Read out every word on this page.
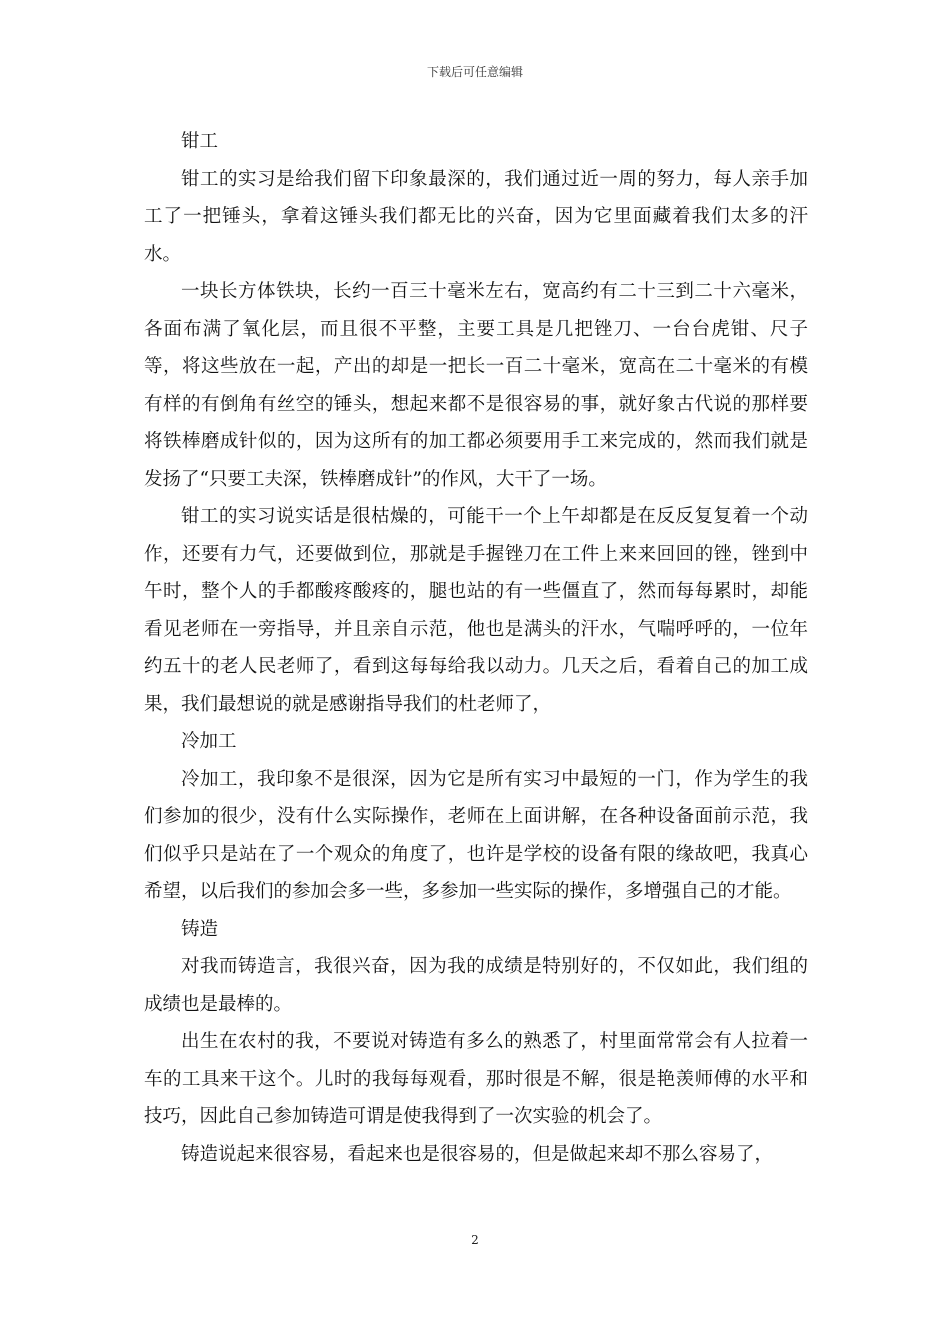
下载后可任意编辑

钳工

钳工的实习是给我们留下印象最深的，我们通过近一周的努力，每人亲手加工了一把锤头，拿着这锤头我们都无比的兴奋，因为它里面藏着我们太多的汗水。

一块长方体铁块，长约一百三十毫米左右，宽高约有二十三到二十六毫米，各面布满了氧化层，而且很不平整，主要工具是几把锉刀、一台台虎钳、尺子等，将这些放在一起，产出的却是一把长一百二十毫米，宽高在二十毫米的有模有样的有倒角有丝空的锤头，想起来都不是很容易的事，就好象古代说的那样要将铁棒磨成针似的，因为这所有的加工都必须要用手工来完成的，然而我们就是发扬了“只要工夫深，铁棒磨成针”的作风，大干了一场。

钳工的实习说实话是很枯燥的，可能干一个上午却都是在反反复复着一个动作，还要有力气，还要做到位，那就是手握锉刀在工件上来来回回的锉，锉到中午时，整个人的手都酸疼酸疼的，腿也站的有一些僵直了，然而每每累时，却能看见老师在一旁指导，并且亲自示范，他也是满头的汗水，气喘呼呼的，一位年约五十的老人民老师了，看到这每每给我以动力。几天之后，看着自己的加工成果，我们最想说的就是感谢指导我们的杜老师了，

冷加工

冷加工，我印象不是很深，因为它是所有实习中最短的一门，作为学生的我们参加的很少，没有什么实际操作，老师在上面讲解，在各种设备面前示范，我们似乎只是站在了一个观众的角度了，也许是学校的设备有限的缘故吧，我真心希望，以后我们的参加会多一些，多参加一些实际的操作，多增强自己的才能。

铸造

对我而铸造言，我很兴奋，因为我的成绩是特别好的，不仅如此，我们组的成绩也是最棒的。

出生在农村的我，不要说对铸造有多么的熟悉了，村里面常常会有人拉着一车的工具来干这个。儿时的我每每观看，那时很是不解，很是艳羡师傅的水平和技巧，因此自己参加铸造可谓是使我得到了一次实验的机会了。

铸造说起来很容易，看起来也是很容易的，但是做起来却不那么容易了，

2
